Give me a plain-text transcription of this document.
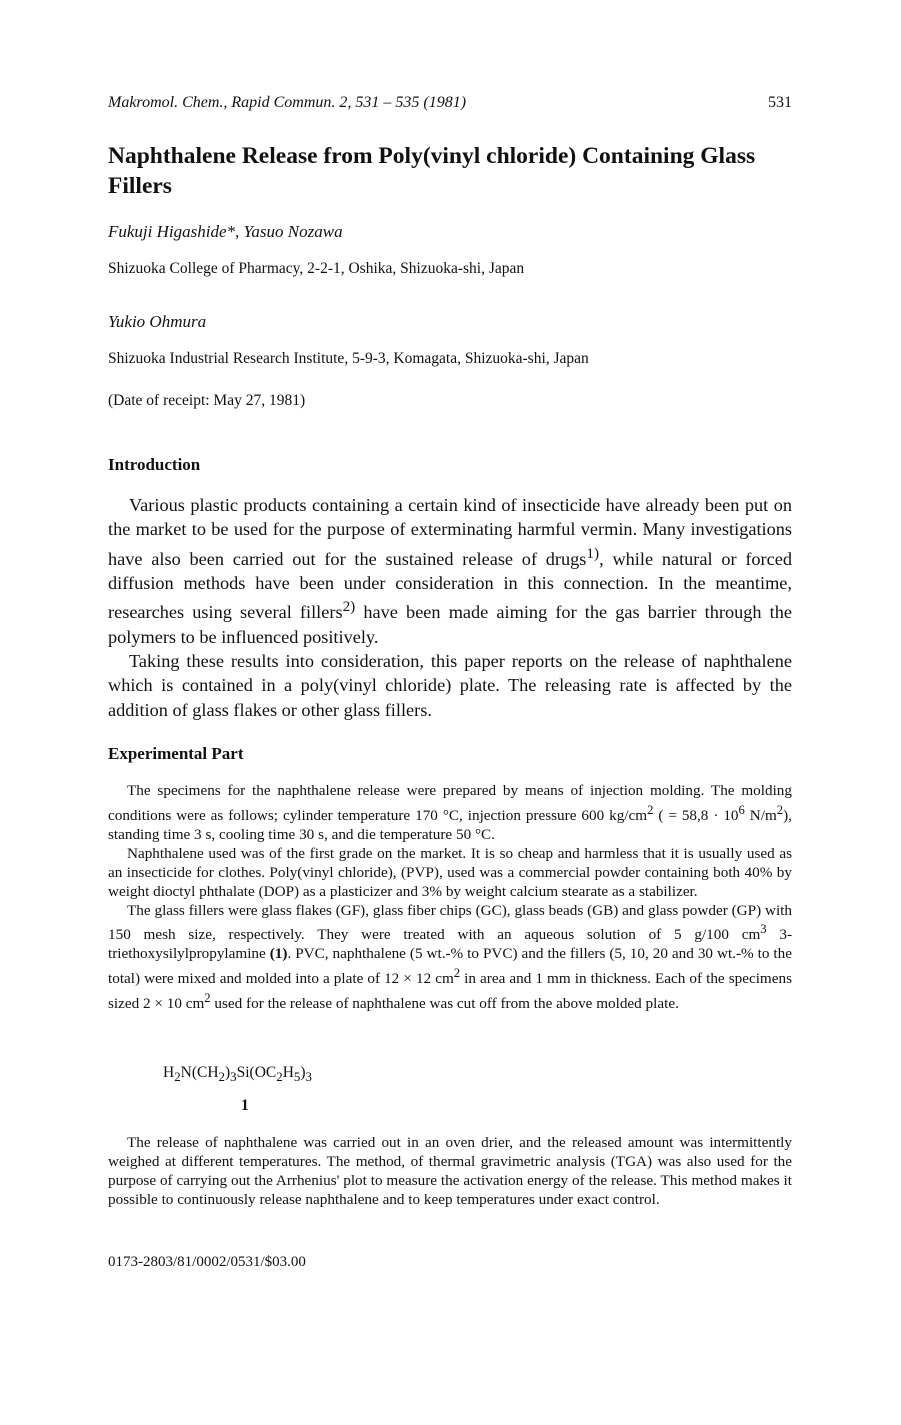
Makromol. Chem., Rapid Commun. 2, 531 – 535 (1981)	531
Naphthalene Release from Poly(vinyl chloride) Containing Glass Fillers

Fukuji Higashide*, Yasuo Nozawa

Shizuoka College of Pharmacy, 2-2-1, Oshika, Shizuoka-shi, Japan

Yukio Ohmura

Shizuoka Industrial Research Institute, 5-9-3, Komagata, Shizuoka-shi, Japan

(Date of receipt: May 27, 1981)

Introduction

Various plastic products containing a certain kind of insecticide have already been put on the market to be used for the purpose of exterminating harmful vermin. Many investigations have also been carried out for the sustained release of drugs$^{1)}$, while natural or forced diffusion methods have been under consideration in this connection. In the meantime, researches using several fillers$^{2)}$ have been made aiming for the gas barrier through the polymers to be influenced positively.

Taking these results into consideration, this paper reports on the release of naphthalene which is contained in a poly(vinyl chloride) plate. The releasing rate is affected by the addition of glass flakes or other glass fillers.

Experimental Part

The specimens for the naphthalene release were prepared by means of injection molding. The molding conditions were as follows; cylinder temperature 170 °C, injection pressure 600 $kg/cm^2$ ( = $58,8 \cdot 10^6$ $N/m^2$), standing time 3 s, cooling time 30 s, and die temperature 50 °C.

Naphthalene used was of the first grade on the market. It is so cheap and harmless that it is usually used as an insecticide for clothes. Poly(vinyl chloride), (PVP), used was a commercial powder containing both 40% by weight dioctyl phthalate (DOP) as a plasticizer and 3% by weight calcium stearate as a stabilizer.

The glass fillers were glass flakes (GF), glass fiber chips (GC), glass beads (GB) and glass powder (GP) with 150 mesh size, respectively. They were treated with an aqueous solution of 5 g/100 $cm^3$ 3-triethoxysilylpropylamine (1). PVC, naphthalene (5 wt.-% to PVC) and the fillers (5, 10, 20 and 30 wt.-% to the total) were mixed and molded into a plate of 12 × 12 $cm^2$ in area and 1 mm in thickness. Each of the specimens sized 2 × 10 $cm^2$ used for the release of naphthalene was cut off from the above molded plate.

$H_2N(CH_2)_3Si(OC_2H_5)_3$
1

The release of naphthalene was carried out in an oven drier, and the released amount was intermittently weighed at different temperatures. The method, of thermal gravimetric analysis (TGA) was also used for the purpose of carrying out the Arrhenius' plot to measure the activation energy of the release. This method makes it possible to continuously release naphthalene and to keep temperatures under exact control.

0173-2803/81/0002/0531/$03.00
